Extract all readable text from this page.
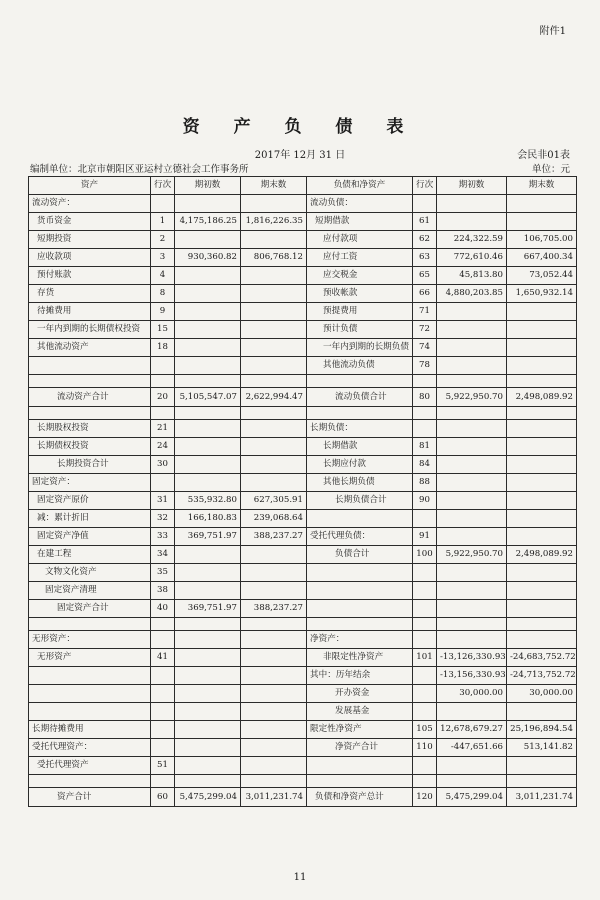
附件1
资 产 负 债 表
2017年 12月 31 日	会民非01表
编制单位：北京市朝阳区亚运村立德社会工作事务所	单位：元
资产	行次	期初数	期末数	负债和净资产	行次	期初数	期末数
流动资产：				流动负债：			
货币资金	1	4,175,186.25	1,816,226.35	短期借款	61		
短期投资	2			应付款项	62	224,322.59	106,705.00
应收款项	3	930,360.82	806,768.12	应付工资	63	772,610.46	667,400.34
预付账款	4			应交税金	65	45,813.80	73,052.44
存货	8			预收帐款	66	4,880,203.85	1,650,932.14
待摊费用	9			预提费用	71		
一年内到期的长期债权投资	15			预计负债	72		
其他流动资产	18			一年内到期的长期负债	74		
				其他流动负债	78		

流动资产合计	20	5,105,547.07	2,622,994.47	流动负债合计	80	5,922,950.70	2,498,089.92

长期股权投资	21			长期负债：			
长期债权投资	24			长期借款	81		
长期投资合计	30			长期应付款	84		
固定资产：				其他长期负债	88		
固定资产原价	31	535,932.80	627,305.91	长期负债合计	90		
减：累计折旧	32	166,180.83	239,068.64				
固定资产净值	33	369,751.97	388,237.27	受托代理负债：	91		
在建工程	34			负债合计	100	5,922,950.70	2,498,089.92
文物文化资产	35						
固定资产清理	38						
固定资产合计	40	369,751.97	388,237.27				

无形资产：				净资产：			
无形资产	41			非限定性净资产	101	-13,126,330.93	-24,683,752.72
				其中：历年结余		-13,156,330.93	-24,713,752.72
				开办资金		30,000.00	30,000.00
				发展基金			
长期待摊费用				限定性净资产	105	12,678,679.27	25,196,894.54
受托代理资产：				净资产合计	110	-447,651.66	513,141.82
受托代理资产	51						

资产合计	60	5,475,299.04	3,011,231.74	负债和净资产总计	120	5,475,299.04	3,011,231.74
11
